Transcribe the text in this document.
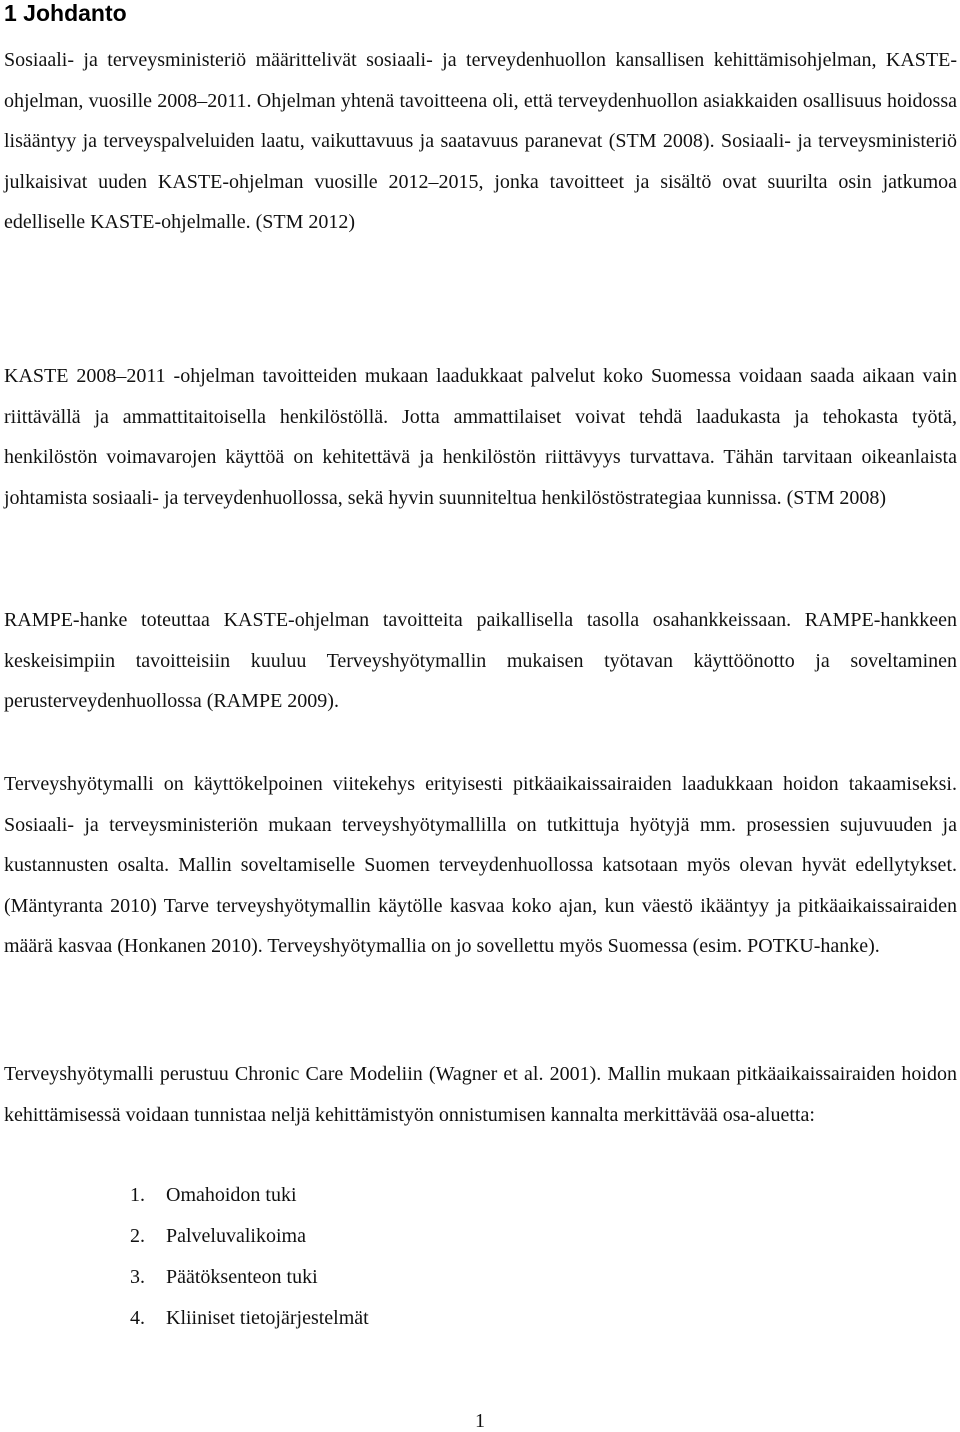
1 Johdanto

Sosiaali- ja terveysministeriö määrittelivät sosiaali- ja terveydenhuollon kansallisen kehittämisohjelman, KASTE-ohjelman, vuosille 2008–2011. Ohjelman yhtenä tavoitteena oli, että terveydenhuollon asiakkaiden osallisuus hoidossa lisääntyy ja terveyspalveluiden laatu, vaikuttavuus ja saatavuus paranevat (STM 2008). Sosiaali- ja terveysministeriö julkaisivat uuden KASTE-ohjelman vuosille 2012–2015, jonka tavoitteet ja sisältö ovat suurilta osin jatkumoa edelliselle KASTE-ohjelmalle. (STM 2012)

KASTE 2008–2011 -ohjelman tavoitteiden mukaan laadukkaat palvelut koko Suomessa voidaan saada aikaan vain riittävällä ja ammattitaitoisella henkilöstöllä. Jotta ammattilaiset voivat tehdä laadukasta ja tehokasta työtä, henkilöstön voimavarojen käyttöä on kehitettävä ja henkilöstön riittävyys turvattava. Tähän tarvitaan oikeanlaista johtamista sosiaali- ja terveydenhuollossa, sekä hyvin suunniteltua henkilöstöstrategiaa kunnissa. (STM 2008)

RAMPE-hanke toteuttaa KASTE-ohjelman tavoitteita paikallisella tasolla osahankkeissaan. RAMPE-hankkeen keskeisimpiin tavoitteisiin kuuluu Terveyshyötymallin mukaisen työtavan käyttöönotto ja soveltaminen perusterveydenhuollossa (RAMPE 2009).

Terveyshyötymalli on käyttökelpoinen viitekehys erityisesti pitkäaikaissairaiden laadukkaan hoidon takaamiseksi. Sosiaali- ja terveysministeriön mukaan terveyshyötymallilla on tutkittuja hyötyjä mm. prosessien sujuvuuden ja kustannusten osalta. Mallin soveltamiselle Suomen terveydenhuollossa katsotaan myös olevan hyvät edellytykset. (Mäntyranta 2010) Tarve terveyshyötymallin käytölle kasvaa koko ajan, kun väestö ikääntyy ja pitkäaikaissairaiden määrä kasvaa (Honkanen 2010). Terveyshyötymallia on jo sovellettu myös Suomessa (esim. POTKU-hanke).

Terveyshyötymalli perustuu Chronic Care Modeliin (Wagner et al. 2001). Mallin mukaan pitkäaikaissairaiden hoidon kehittämisessä voidaan tunnistaa neljä kehittämistyön onnistumisen kannalta merkittävää osa-aluetta:

1.	Omahoidon tuki
2.	Palveluvalikoima
3.	Päätöksenteon tuki
4.	Kliiniset tietojärjestelmät
1
